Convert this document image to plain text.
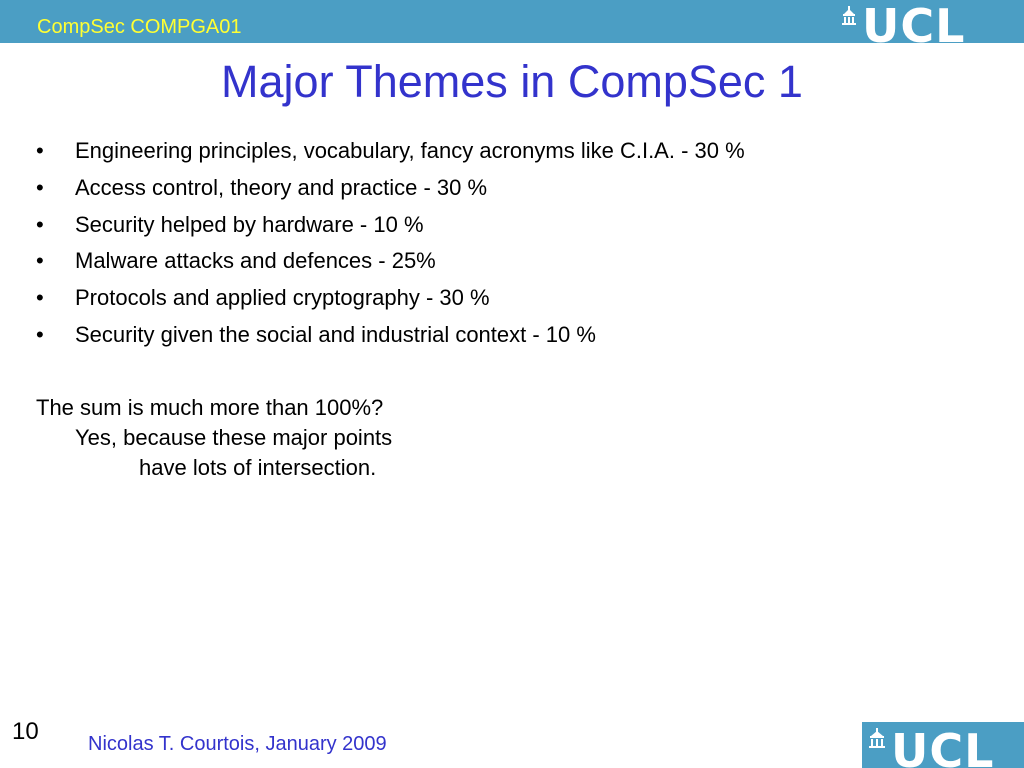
CompSec COMPGA01	UCL
Major Themes in CompSec 1
•	Engineering principles, vocabulary, fancy acronyms like C.I.A. - 30 %
•	Access control, theory and practice - 30 %
•	Security helped by hardware - 10 %
•	Malware attacks and defences - 25%
•	Protocols and applied cryptography - 30 %
•	Security given the social and industrial context - 10 %
The sum is much more than 100%?
Yes, because these major points
have lots of intersection.
10 Nicolas T. Courtois, January 2009	UCL
